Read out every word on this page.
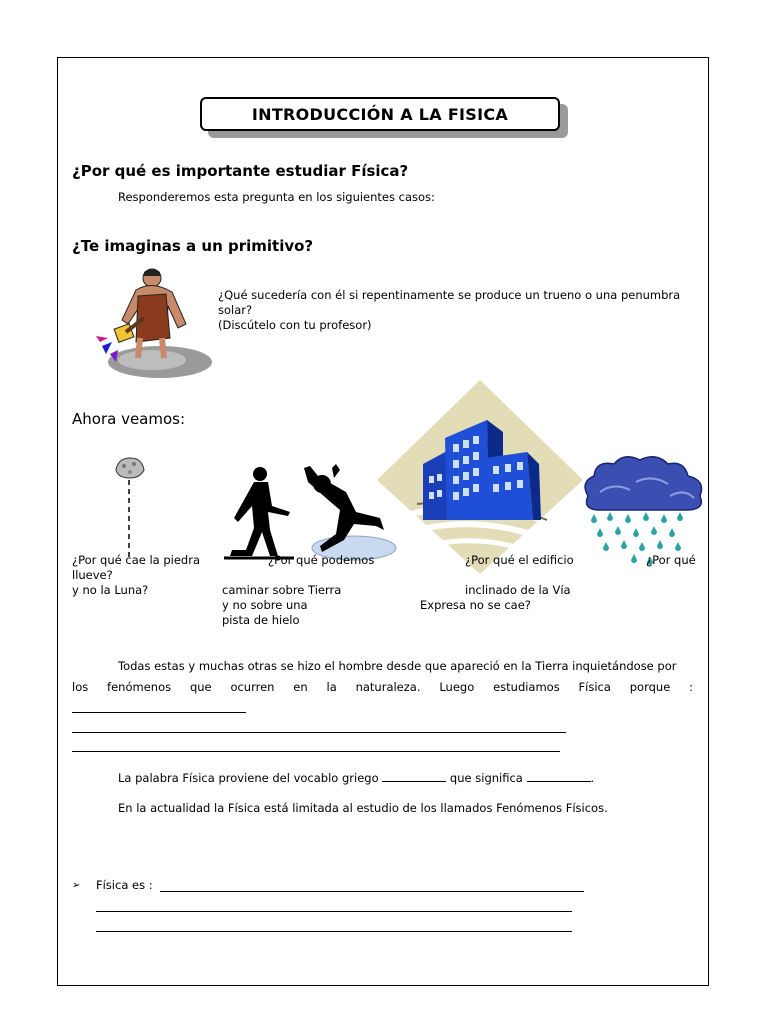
INTRODUCCIÓN A LA FISICA
¿Por qué es importante estudiar Física?
Responderemos esta pregunta en los siguientes casos:
¿Te imaginas a un primitivo?
¿Qué sucedería con él si repentinamente se produce un trueno o una penumbra
solar?
(Discútelo con tu profesor)
Ahora veamos:
¿Por qué cae la piedra
llueve?
y no la Luna?
¿Por qué podemos
caminar sobre Tierra
y no sobre una
pista de hielo
¿Por qué el edificio
inclinado de la Vía
Expresa no se cae?
¿Por qué
Todas estas y muchas otras se hizo el hombre desde que apareció en la Tierra inquietándose por
los fenómenos que ocurren en la naturaleza. Luego estudiamos Física porque :
La palabra Física proviene del vocablo griego	que significa	.
En la actualidad la Física está limitada al estudio de los llamados Fenómenos Físicos.
➢ Física es :
